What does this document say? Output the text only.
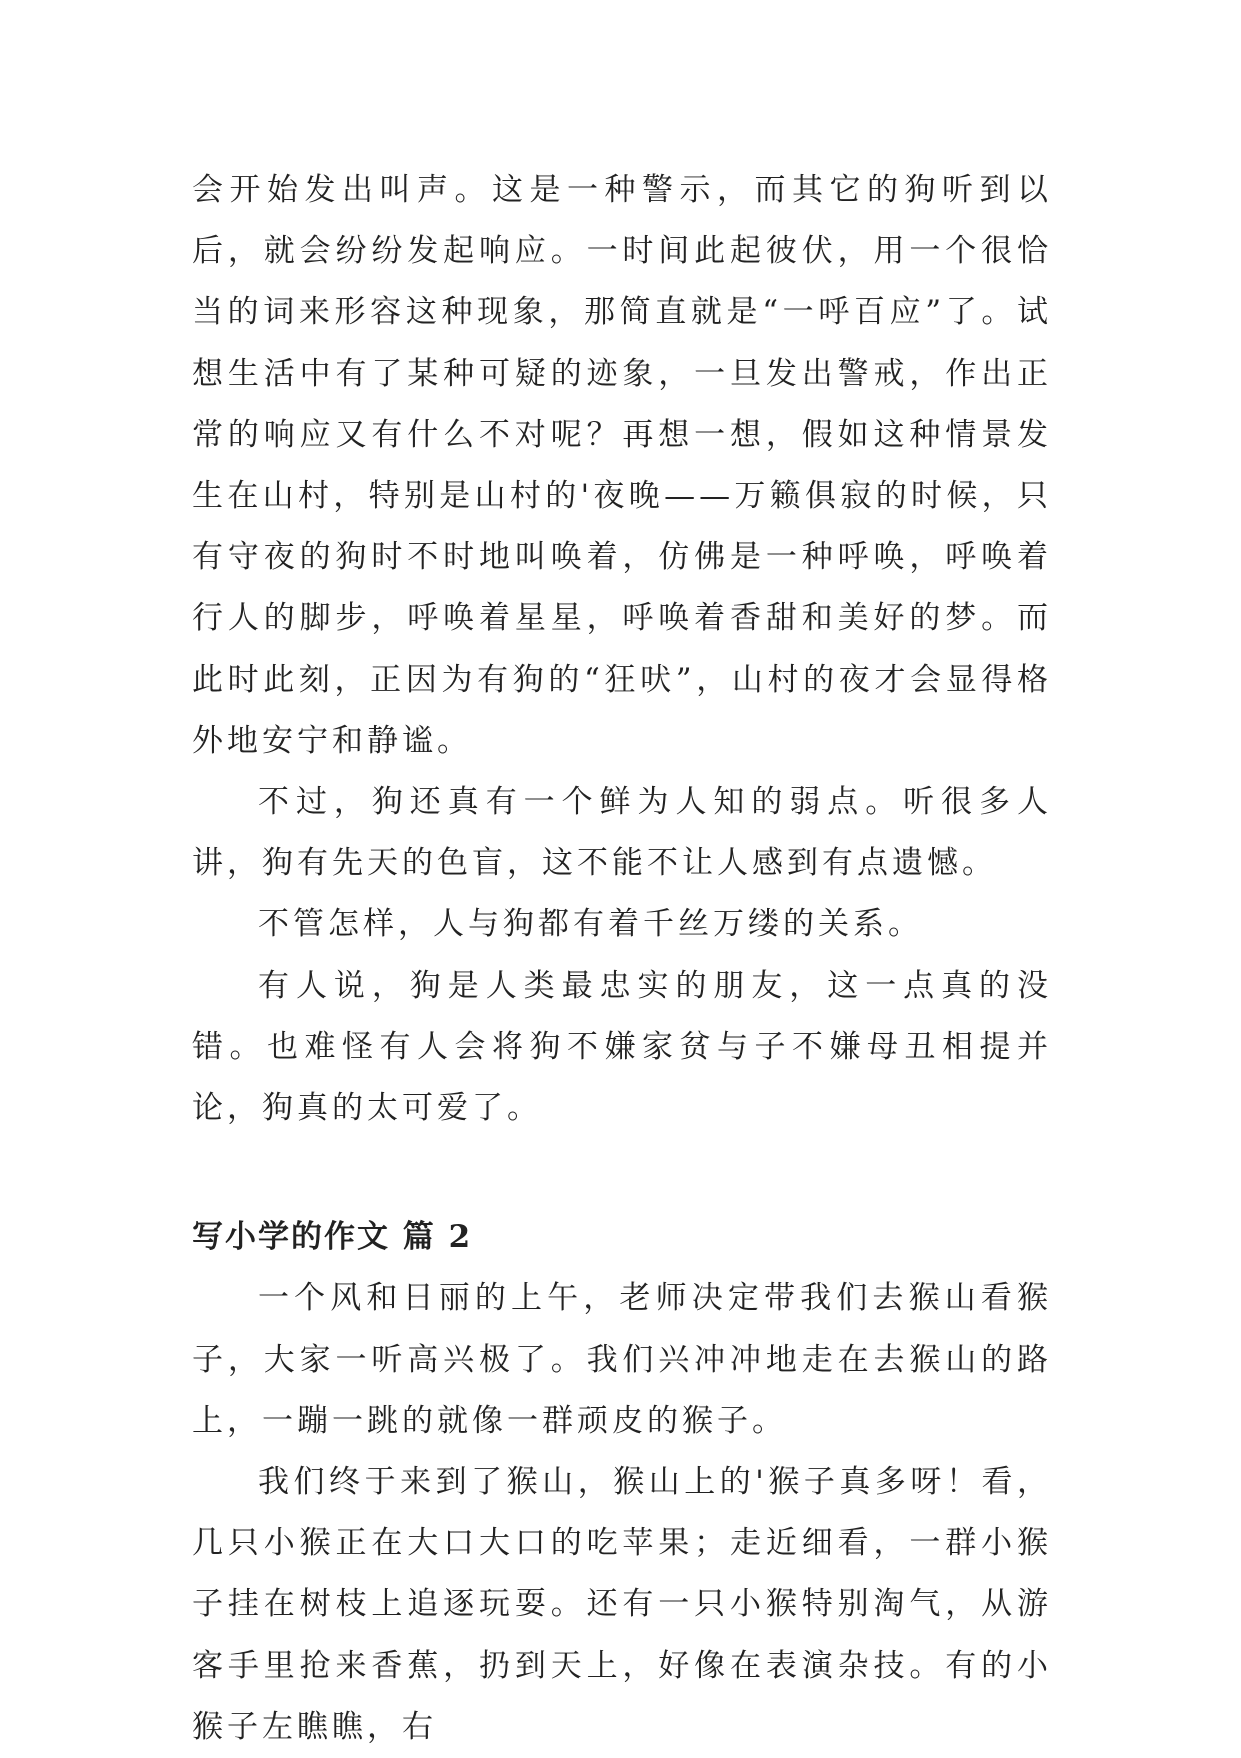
会开始发出叫声。这是一种警示，而其它的狗听到以后，就会纷纷发起响应。一时间此起彼伏，用一个很恰当的词来形容这种现象，那简直就是“一呼百应”了。试想生活中有了某种可疑的迹象，一旦发出警戒，作出正常的响应又有什么不对呢？再想一想，假如这种情景发生在山村，特别是山村的'夜晚——万籁俱寂的时候，只有守夜的狗时不时地叫唤着，仿佛是一种呼唤，呼唤着行人的脚步，呼唤着星星，呼唤着香甜和美好的梦。而此时此刻，正因为有狗的“狂吠”，山村的夜才会显得格外地安宁和静谧。

不过，狗还真有一个鲜为人知的弱点。听很多人讲，狗有先天的色盲，这不能不让人感到有点遗憾。

不管怎样，人与狗都有着千丝万缕的关系。

有人说，狗是人类最忠实的朋友，这一点真的没错。也难怪有人会将狗不嫌家贫与子不嫌母丑相提并论，狗真的太可爱了。

写小学的作文 篇 2

一个风和日丽的上午，老师决定带我们去猴山看猴子，大家一听高兴极了。我们兴冲冲地走在去猴山的路上，一蹦一跳的就像一群顽皮的猴子。

我们终于来到了猴山，猴山上的'猴子真多呀！看，几只小猴正在大口大口的吃苹果；走近细看，一群小猴子挂在树枝上追逐玩耍。还有一只小猴特别淘气，从游客手里抢来香蕉，扔到天上，好像在表演杂技。有的小猴子左瞧瞧，右
